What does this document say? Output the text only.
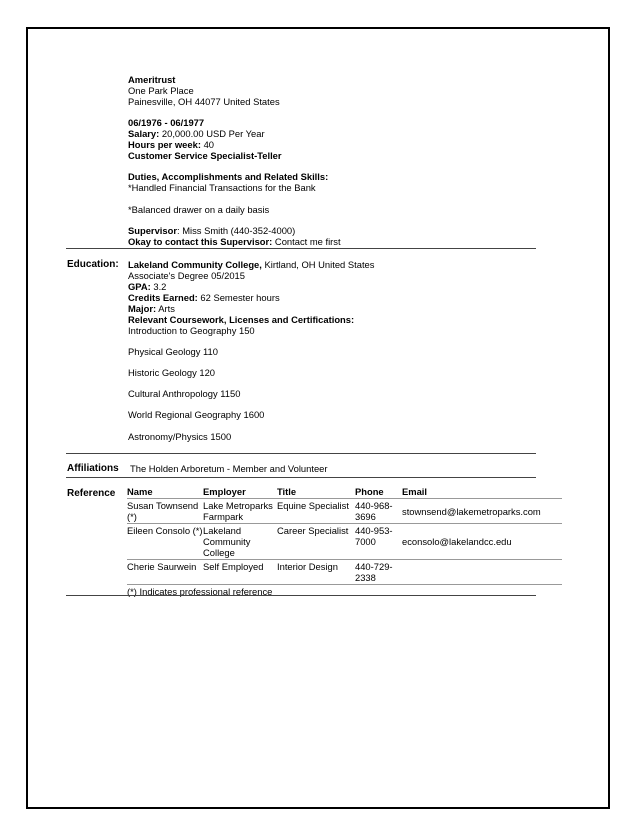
Ameritrust
One Park Place
Painesville, OH 44077 United States
06/1976 - 06/1977
Salary: 20,000.00 USD Per Year
Hours per week: 40
Customer Service Specialist-Teller
Duties, Accomplishments and Related Skills:
*Handled Financial Transactions for the Bank
*Balanced drawer on a daily basis
Supervisor: Miss Smith (440-352-4000)
Okay to contact this Supervisor: Contact me first
Education: Lakeland Community College, Kirtland, OH United States
Associate's Degree 05/2015
GPA: 3.2
Credits Earned: 62 Semester hours
Major: Arts
Relevant Coursework, Licenses and Certifications:
Introduction to Geography 150
Physical Geology 110
Historic Geology 120
Cultural Anthropology 1150
World Regional Geography 1600
Astronomy/Physics 1500
Affiliations The Holden Arboretum - Member and Volunteer
Reference Name	Employer	Title	Phone	Email
Susan Townsend (*)	Lake Metroparks Farmpark	Equine Specialist	440-968-3696	stownsend@lakemetroparks.com
Eileen Consolo (*)	Lakeland Community College	Career Specialist	440-953-7000	econsolo@lakelandcc.edu
Cherie Saurwein	Self Employed	Interior Design	440-729-2338	
(*) Indicates professional reference				
